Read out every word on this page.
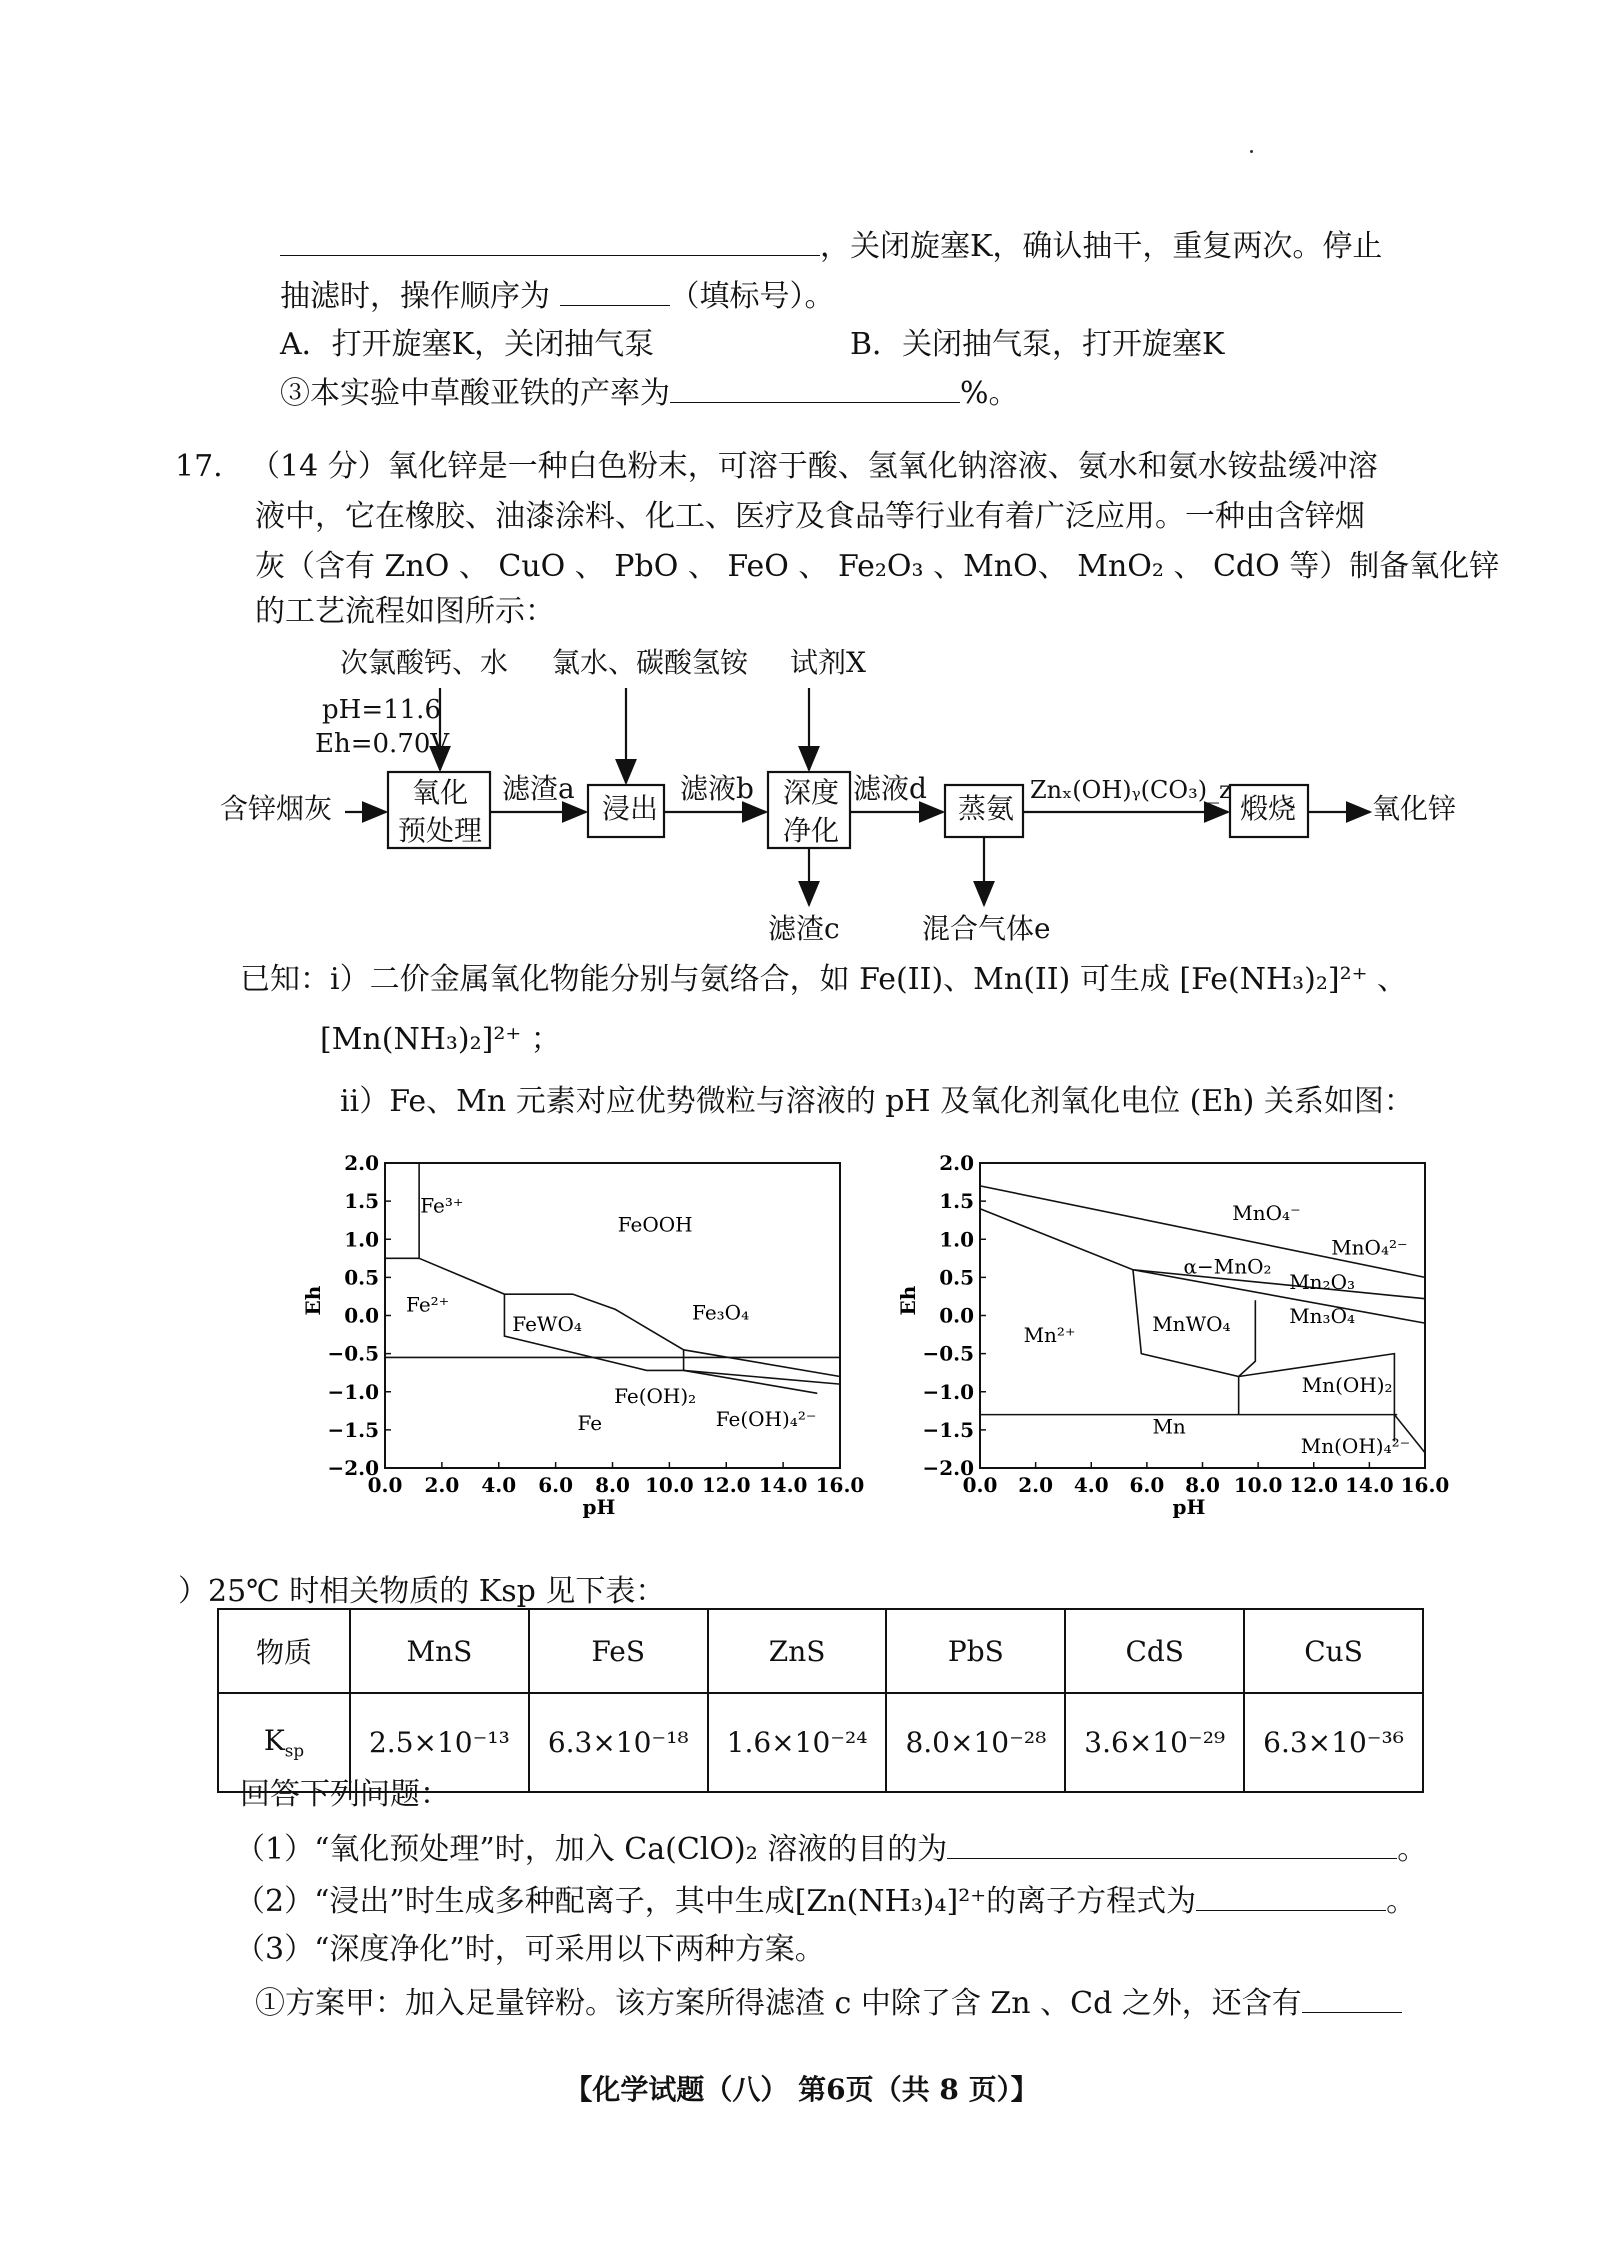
，关闭旋塞K，确认抽干，重复两次。停止
抽滤时，操作顺序为	（填标号）。
A．打开旋塞K，关闭抽气泵	B．关闭抽气泵，打开旋塞K
③本实验中草酸亚铁的产率为	%。
17. （14 分）氧化锌是一种白色粉末，可溶于酸、氢氧化钠溶液、氨水和氨水铵盐缓冲溶
液中，它在橡胶、油漆涂料、化工、医疗及食品等行业有着广泛应用。一种由含锌烟
灰（含有 ZnO 、 CuO 、 PbO 、 FeO 、 Fe₂O₃ 、MnO、 MnO₂ 、 CdO 等）制备氧化锌
的工艺流程如图所示：
次氯酸钙、水 氯水、碳酸氢铵 试剂X
pH=11.6
Eh=0.70V
含锌烟灰	氧化
预处理
滤渣a
浸出
滤液b 深度
净化
滤液d
蒸氨
Znₓ(OH)ᵧ(CO₃)_z
煅烧	氧化锌
滤渣c	混合气体e
已知：ⅰ）二价金属氧化物能分别与氨络合，如 Fe(II)、Mn(II) 可生成 [Fe(NH₃)₂]²⁺ 、
[Mn(NH₃)₂]²⁺ ；
ⅱ）Fe、Mn 元素对应优势微粒与溶液的 pH 及氧化剂氧化电位 (Eh) 关系如图：
0.0 2.0 4.0 6.0 8.0 10.0 12.0 14.0 16.0
2.0
1.5
1.0
0.5
0.0
−0.5
−1.0
−1.5
−2.0
pH
Eh
Fe³⁺
FeOOH
Fe²⁺
FeWO₄	Fe₃O₄
Fe(OH)₂
Fe	Fe(OH)₄²⁻
0.0 2.0 4.0 6.0 8.0 10.0 12.0 14.0 16.0
2.0
1.5
1.0
0.5
0.0
−0.5
−1.0
−1.5
−2.0
pH
Eh
MnO₄⁻
MnO₄²⁻
α−MnO₂
Mn₂O₃
Mn₃O₄
Mn²⁺	MnWO₄
Mn(OH)₂
Mn
Mn(OH)₄²⁻
）25℃ 时相关物质的 Ksp 见下表：
物质	MnS	FeS	ZnS	PbS	CdS	CuS
$K_{sp}$	2.5×10⁻¹³	6.3×10⁻¹⁸	1.6×10⁻²⁴	8.0×10⁻²⁸	3.6×10⁻²⁹	6.3×10⁻³⁶
回答下列问题：
（1）“氧化预处理”时，加入 Ca(ClO)₂ 溶液的目的为	。
（2）“浸出”时生成多种配离子，其中生成[Zn(NH₃)₄]²⁺的离子方程式为	。
（3）“深度净化”时，可采用以下两种方案。
①方案甲：加入足量锌粉。该方案所得滤渣 c 中除了含 Zn 、Cd 之外，还含有
【化学试题（八） 第6页（共 8 页）】
